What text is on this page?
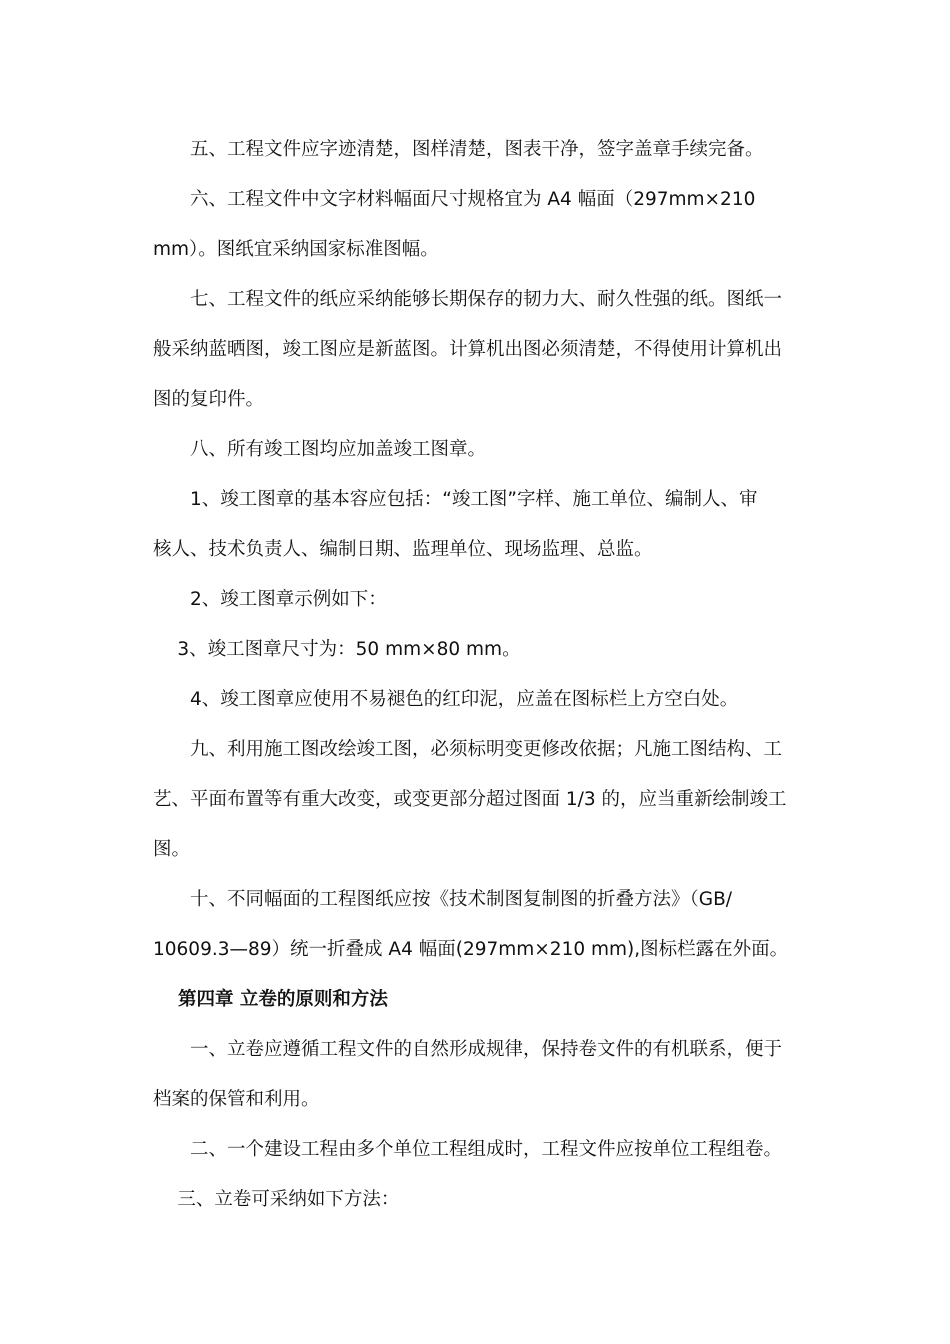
　　五、工程文件应字迹清楚，图样清楚，图表干净，签字盖章手续完备。
　　六、工程文件中文字材料幅面尺寸规格宜为 A4 幅面（297mm×210
mm）。图纸宜采纳国家标准图幅。
　　七、工程文件的纸应采纳能够长期保存的韧力大、耐久性强的纸。图纸一
般采纳蓝晒图，竣工图应是新蓝图。计算机出图必须清楚，不得使用计算机出
图的复印件。
　　八、所有竣工图均应加盖竣工图章。
　　1、竣工图章的基本容应包括：“竣工图”字样、施工单位、编制人、审
核人、技术负责人、编制日期、监理单位、现场监理、总监。
　　2、竣工图章示例如下：
　 3、竣工图章尺寸为：50 mm×80 mm。
　　4、竣工图章应使用不易褪色的红印泥，应盖在图标栏上方空白处。
　　九、利用施工图改绘竣工图，必须标明变更修改依据；凡施工图结构、工
艺、平面布置等有重大改变，或变更部分超过图面 1/3 的，应当重新绘制竣工
图。
　　十、不同幅面的工程图纸应按《技术制图复制图的折叠方法》（GB/
10609.3—89）统一折叠成 A4 幅面(297mm×210 mm),图标栏露在外面。
　 第四章 立卷的原则和方法
　　一、立卷应遵循工程文件的自然形成规律，保持卷文件的有机联系，便于
档案的保管和利用。
　　二、一个建设工程由多个单位工程组成时，工程文件应按单位工程组卷。
　 三、立卷可采纳如下方法：
